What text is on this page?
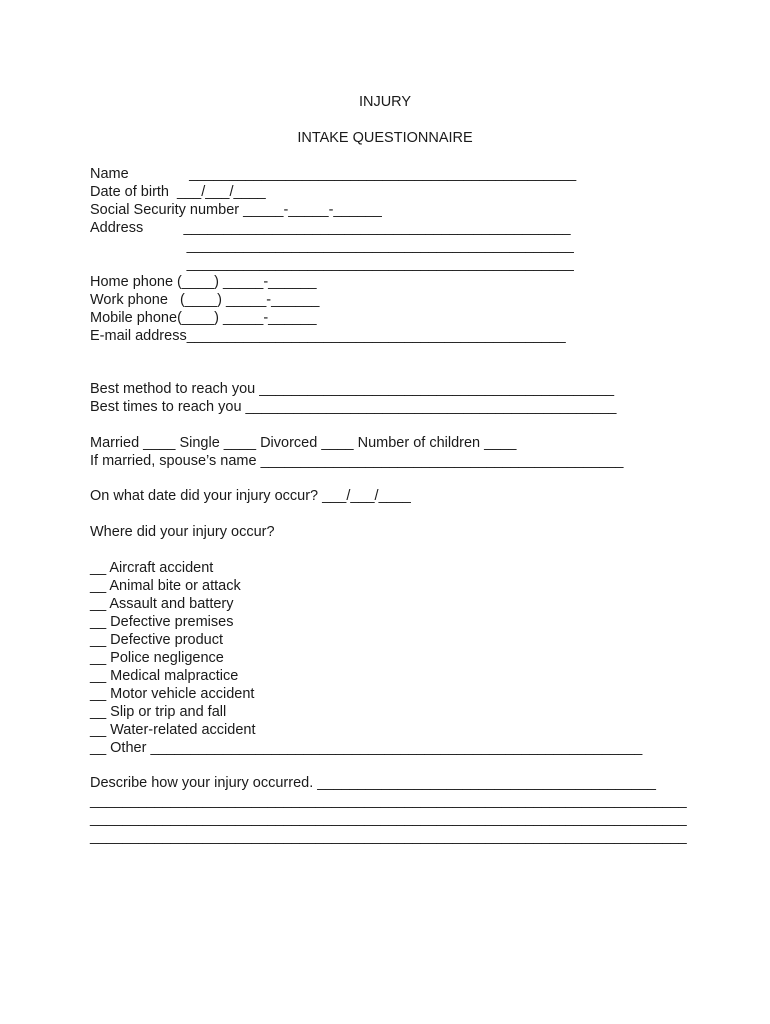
INJURY

INTAKE QUESTIONNAIRE

Name               ________________________________________________

Date of birth  ___/___/____

Social Security number _____-_____-______

Address          ________________________________________________

________________________________________________

________________________________________________

Home phone (____) _____-______

Work phone   (____) _____-______

Mobile phone(____) _____-______

E-mail address_______________________________________________

Best method to reach you ____________________________________________

Best times to reach you ______________________________________________

Married ____ Single ____ Divorced ____ Number of children ____

If married, spouse’s name _____________________________________________

On what date did your injury occur? ___/___/____

Where did your injury occur?

__ Aircraft accident

__ Animal bite or attack

__ Assault and battery

__ Defective premises

__ Defective product

__ Police negligence

__ Medical malpractice

__ Motor vehicle accident

__ Slip or trip and fall

__ Water-related accident

__ Other _____________________________________________________________

Describe how your injury occurred. __________________________________________

__________________________________________________________________________

__________________________________________________________________________

__________________________________________________________________________
